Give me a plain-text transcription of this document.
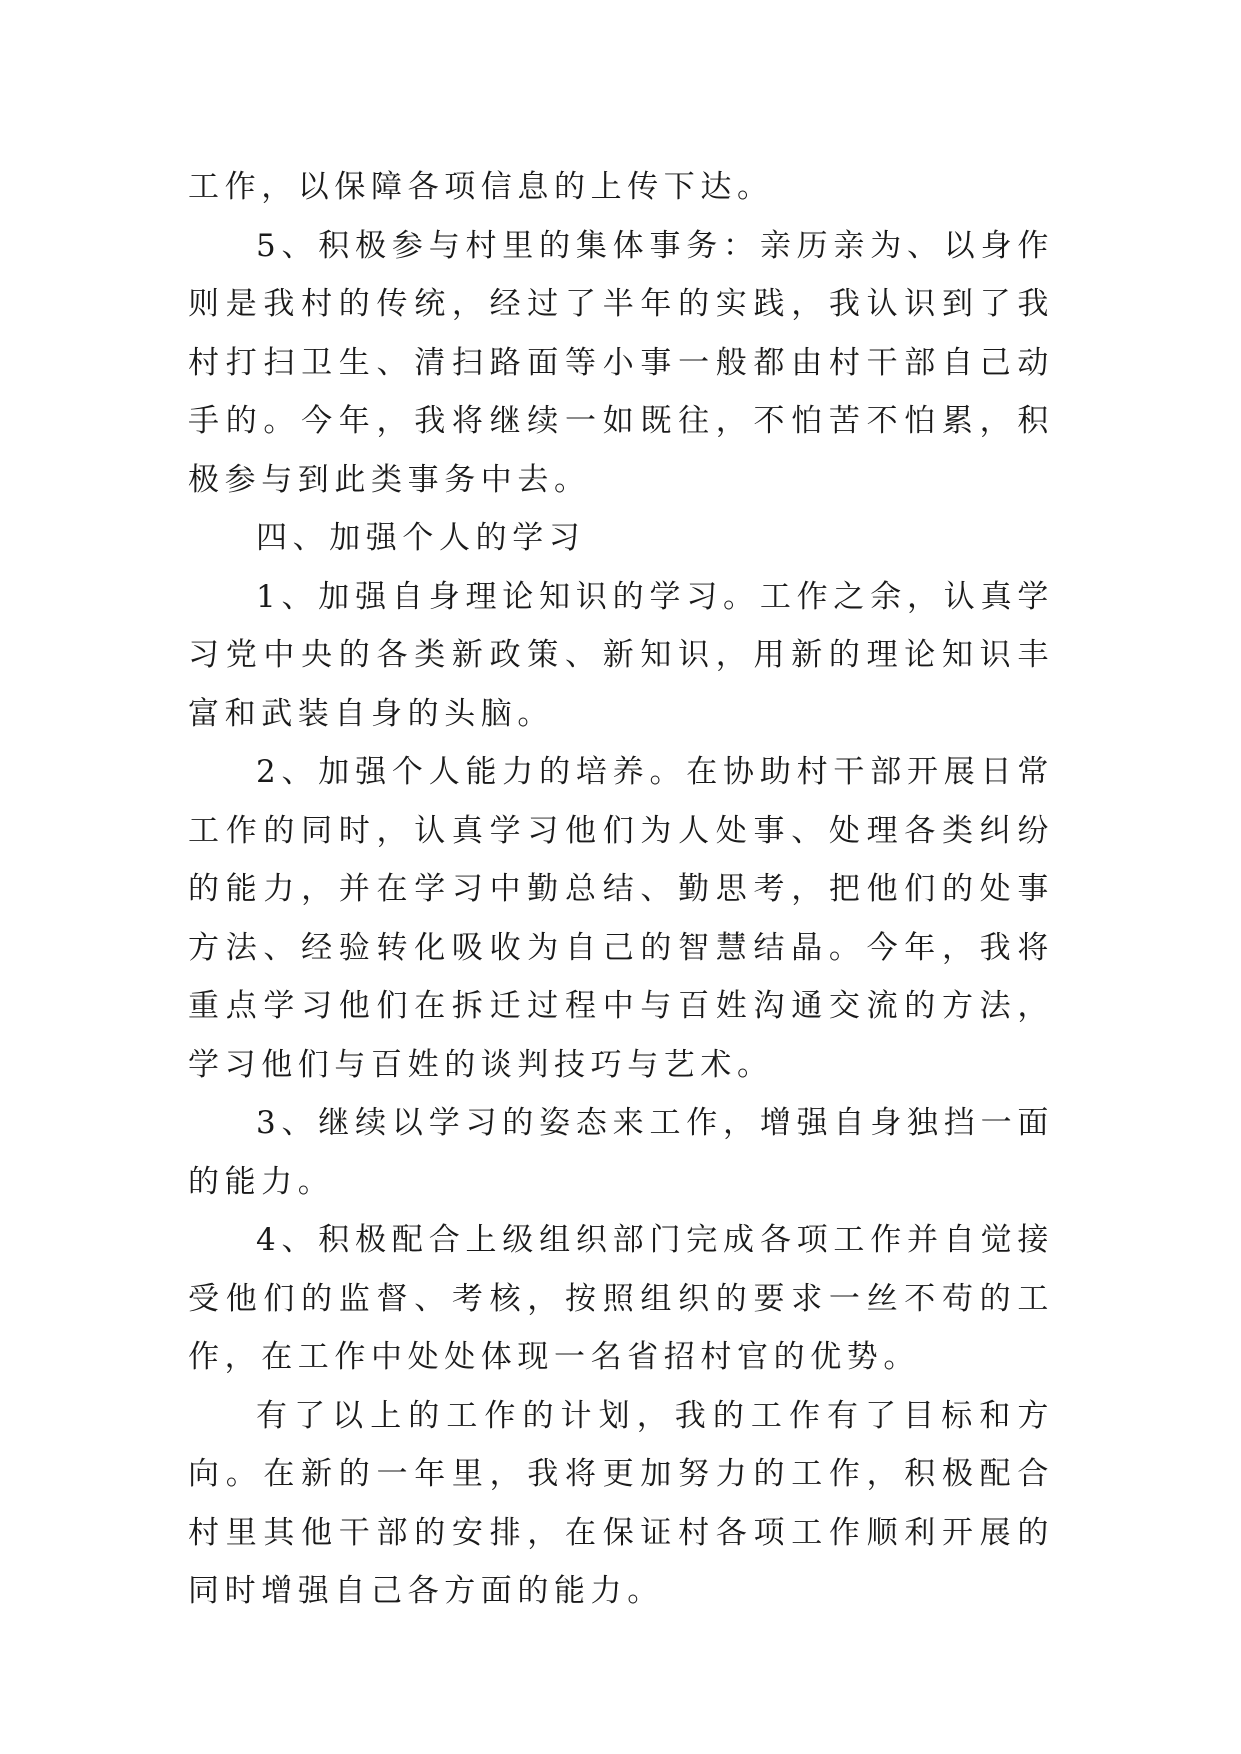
工作，以保障各项信息的上传下达。

5、积极参与村里的集体事务：亲历亲为、以身作则是我村的传统，经过了半年的实践，我认识到了我村打扫卫生、清扫路面等小事一般都由村干部自己动手的。今年，我将继续一如既往，不怕苦不怕累，积极参与到此类事务中去。

四、加强个人的学习

1、加强自身理论知识的学习。工作之余，认真学习党中央的各类新政策、新知识，用新的理论知识丰富和武装自身的头脑。

2、加强个人能力的培养。在协助村干部开展日常工作的同时，认真学习他们为人处事、处理各类纠纷的能力，并在学习中勤总结、勤思考，把他们的处事方法、经验转化吸收为自己的智慧结晶。今年，我将重点学习他们在拆迁过程中与百姓沟通交流的方法，学习他们与百姓的谈判技巧与艺术。

3、继续以学习的姿态来工作，增强自身独挡一面的能力。

4、积极配合上级组织部门完成各项工作并自觉接受他们的监督、考核，按照组织的要求一丝不苟的工作，在工作中处处体现一名省招村官的优势。

有了以上的工作的计划，我的工作有了目标和方向。在新的一年里，我将更加努力的工作，积极配合村里其他干部的安排，在保证村各项工作顺利开展的同时增强自己各方面的能力。
